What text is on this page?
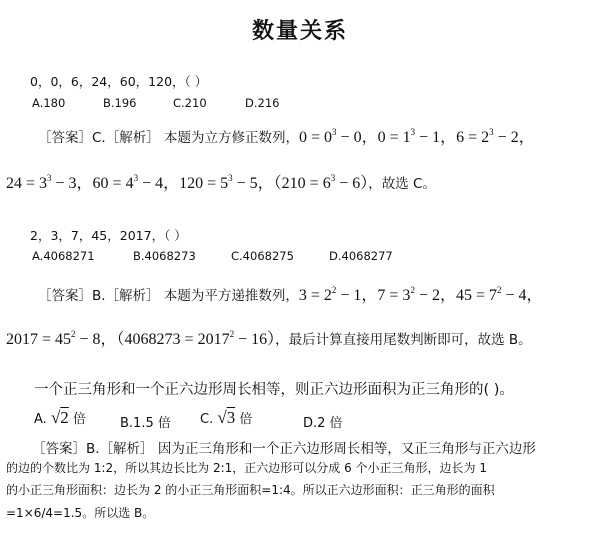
数量关系
0，0，6，24，60，120，（ ）
A.180	B.196	C.210	D.216
［答案］C.［解析］ 本题为立方修正数列，$0 = 0^3 - 0$，$0 = 1^3 - 1$，$6 = 2^3 - 2$，
$24 = 3^3 - 3$，$60 = 4^3 - 4$，$120 = 5^3 - 5$，$(210 = 6^3 - 6)$，故选 C。
2，3，7，45，2017，（ ）
A.4068271	B.4068273	C.4068275	D.4068277
［答案］B.［解析］ 本题为平方递推数列，$3 = 2^2 - 1$，$7 = 3^2 - 2$，$45 = 7^2 - 4$，
$2017 = 45^2 - 8$，$(4068273 = 2017^2 - 16)$，最后计算直接用尾数判断即可，故选 B。
一个正三角形和一个正六边形周长相等，则正六边形面积为正三角形的( )。
A. √2 倍	B.1.5 倍 C. √3 倍	D.2 倍
［答案］B.［解析］ 因为正三角形和一个正六边形周长相等，又正三角形与正六边形
的边的个数比为 1:2，所以其边长比为 2:1，正六边形可以分成 6 个小正三角形，边长为 1
的小正三角形面积：边长为 2 的小正三角形面积=1:4。所以正六边形面积：正三角形的面积
=1×6/4=1.5。所以选 B。
